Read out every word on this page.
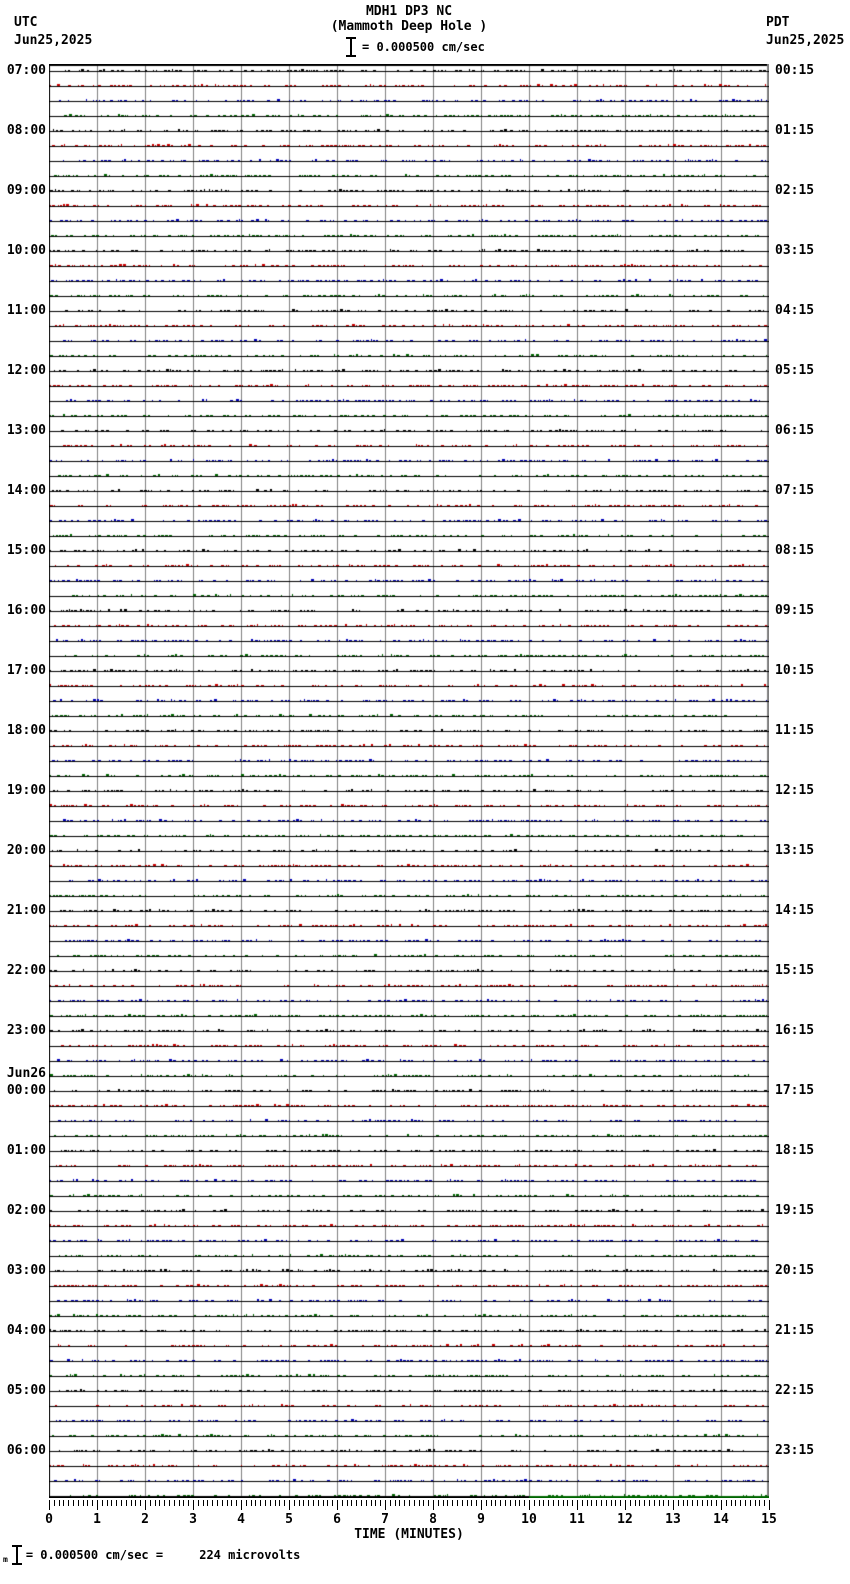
UTC
Jun25,2025
MDH1 DP3 NC
(Mammoth Deep Hole )
= 0.000500 cm/sec
PDT
Jun25,2025
07:00
08:00
09:00
10:00
11:00
12:00
13:00
14:00
15:00
16:00
17:00
18:00
19:00
20:00
21:00
22:00
23:00
Jun26
00:00
01:00
02:00
03:00
04:00
05:00
06:00
00:15
01:15
02:15
03:15
04:15
05:15
06:15
07:15
08:15
09:15
10:15
11:15
12:15
13:15
14:15
15:15
16:15
17:15
18:15
19:15
20:15
21:15
22:15
23:15
0	1	2	3	4	5	6	7	8	9	10 11 12 13 14 15
TIME (MINUTES)
m = 0.000500 cm/sec =     224 microvolts
